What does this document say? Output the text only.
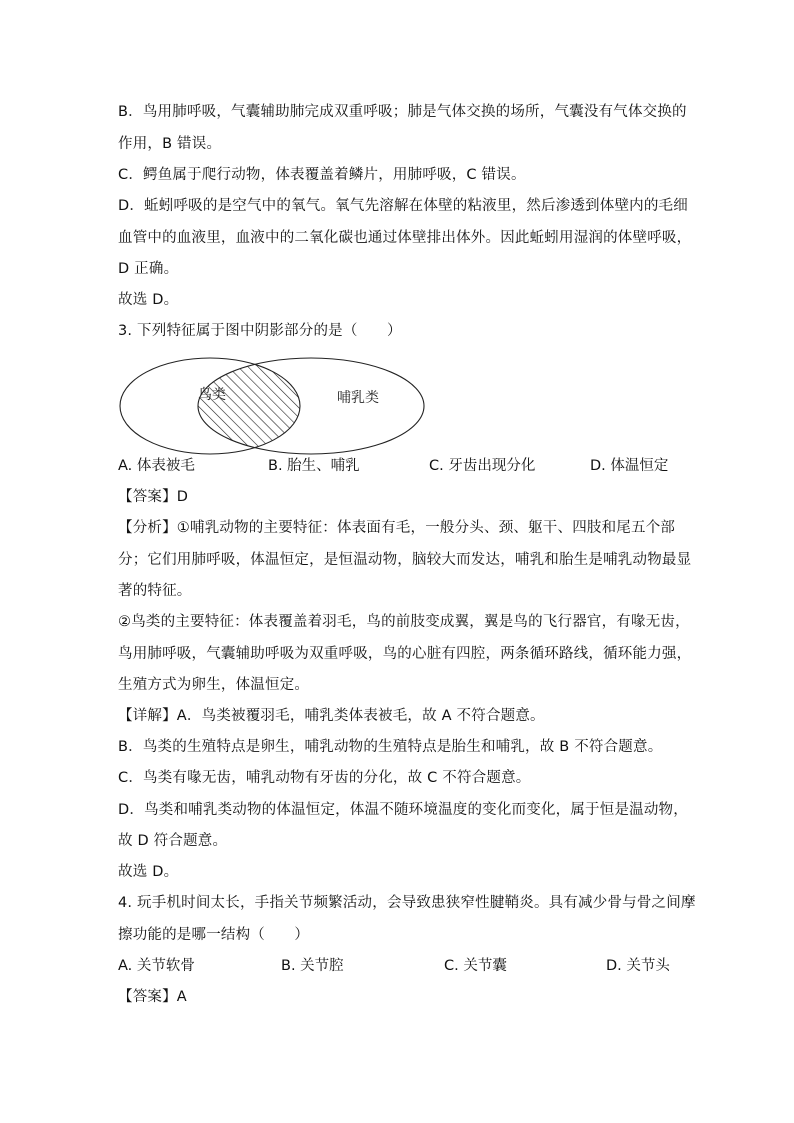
B．鸟用肺呼吸，气囊辅助肺完成双重呼吸；肺是气体交换的场所，气囊没有气体交换的
作用，B 错误。
C．鳄鱼属于爬行动物，体表覆盖着鳞片，用肺呼吸，C 错误。
D．蚯蚓呼吸的是空气中的氧气。氧气先溶解在体壁的粘液里，然后渗透到体壁内的毛细
血管中的血液里，血液中的二氧化碳也通过体壁排出体外。因此蚯蚓用湿润的体壁呼吸，
D 正确。
故选 D。
3. 下列特征属于图中阴影部分的是（　　）
鸟类	哺乳类
A. 体表被毛	B. 胎生、哺乳	C. 牙齿出现分化	D. 体温恒定
【答案】D
【分析】①哺乳动物的主要特征：体表面有毛，一般分头、颈、躯干、四肢和尾五个部
分；它们用肺呼吸，体温恒定，是恒温动物，脑较大而发达，哺乳和胎生是哺乳动物最显
著的特征。
②鸟类的主要特征：体表覆盖着羽毛，鸟的前肢变成翼，翼是鸟的飞行器官，有喙无齿，
鸟用肺呼吸，气囊辅助呼吸为双重呼吸，鸟的心脏有四腔，两条循环路线，循环能力强，
生殖方式为卵生，体温恒定。
【详解】A．鸟类被覆羽毛，哺乳类体表被毛，故 A 不符合题意。
B．鸟类的生殖特点是卵生，哺乳动物的生殖特点是胎生和哺乳，故 B 不符合题意。
C．鸟类有喙无齿，哺乳动物有牙齿的分化，故 C 不符合题意。
D．鸟类和哺乳类动物的体温恒定，体温不随环境温度的变化而变化，属于恒是温动物，
故 D 符合题意。
故选 D。
4. 玩手机时间太长，手指关节频繁活动，会导致患狭窄性腱鞘炎。具有减少骨与骨之间摩
擦功能的是哪一结构（　　）
A. 关节软骨	B. 关节腔	C. 关节囊	D. 关节头
【答案】A
